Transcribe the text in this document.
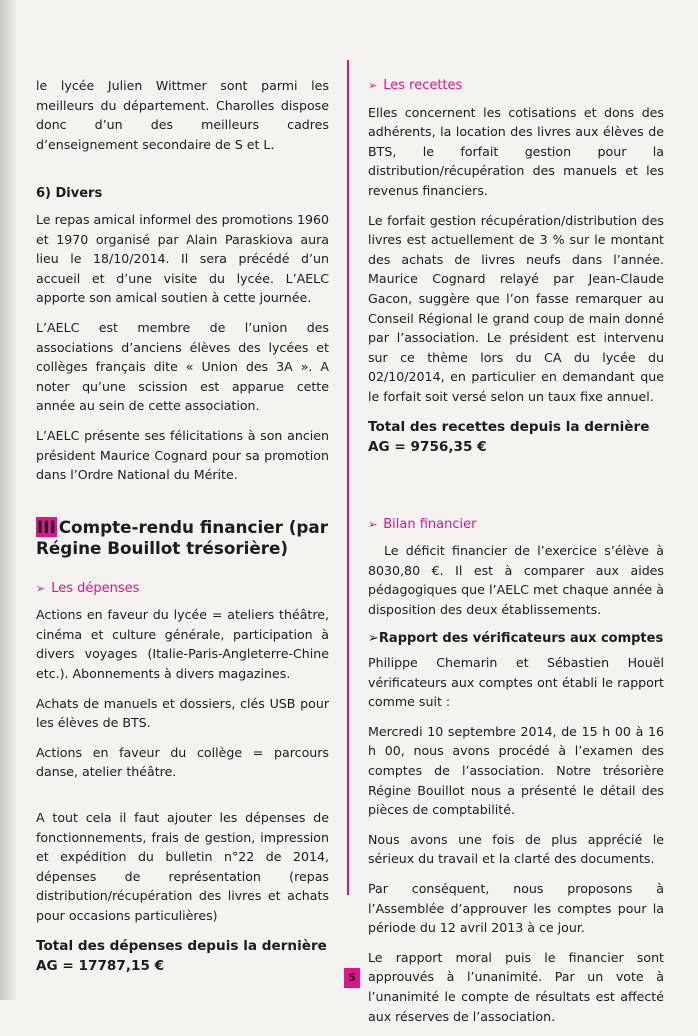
le lycée Julien Wittmer sont parmi les meilleurs du département. Charolles dispose donc d’un des meilleurs cadres d’enseignement secondaire de S et L.

6) Divers

Le repas amical informel des promotions 1960 et 1970 organisé par Alain Paraskiova aura lieu le 18/10/2014. Il sera précédé d’un accueil et d’une visite du lycée. L’AELC apporte son amical soutien à cette journée.

L’AELC est membre de l’union des associations d’anciens élèves des lycées et collèges français dite « Union des 3A ». A noter qu’une scission est apparue cette année au sein de cette association.

L’AELC présente ses félicitations à son ancien président Maurice Cognard pour sa promotion dans l’Ordre National du Mérite.

III Compte-rendu financier (par Régine Bouillot trésorière)
➢ Les dépenses

Actions en faveur du lycée = ateliers théâtre, cinéma et culture générale, participation à divers voyages (Italie-Paris-Angleterre-Chine etc.). Abonnements à divers magazines.

Achats de manuels et dossiers, clés USB pour les élèves de BTS.

Actions en faveur du collège = parcours danse, atelier théâtre.

A tout cela il faut ajouter les dépenses de fonctionnements, frais de gestion, impression et expédition du bulletin n°22 de 2014, dépenses de représentation (repas distribution/récupération des livres et achats pour occasions particulières)

Total des dépenses depuis la dernière AG = 17787,15 €
➢ Les recettes

Elles concernent les cotisations et dons des adhérents, la location des livres aux élèves de BTS, le forfait gestion pour la distribution/récupération des manuels et les revenus financiers.

Le forfait gestion récupération/distribution des livres est actuellement de 3 % sur le montant des achats de livres neufs dans l’année. Maurice Cognard relayé par Jean-Claude Gacon, suggère que l’on fasse remarquer au Conseil Régional le grand coup de main donné par l’association. Le président est intervenu sur ce thème lors du CA du lycée du 02/10/2014, en particulier en demandant que le forfait soit versé selon un taux fixe annuel.

Total des recettes depuis la dernière AG = 9756,35 €
➢ Bilan financier

Le déficit financier de l’exercice s’élève à 8030,80 €. Il est à comparer aux aides pédagogiques que l’AELC met chaque année à disposition des deux établissements.

➢Rapport des vérificateurs aux comptes

Philippe Chemarin et Sébastien Houël vérificateurs aux comptes ont établi le rapport comme suit :

Mercredi 10 septembre 2014, de 15 h 00 à 16 h 00, nous avons procédé à l’examen des comptes de l’association. Notre trésorière Régine Bouillot nous a présenté le détail des pièces de comptabilité.

Nous avons une fois de plus apprécié le sérieux du travail et la clarté des documents.

Par conséquent, nous proposons à l’Assemblée d’approuver les comptes pour la période du 12 avril 2013 à ce jour.

Le rapport moral puis le financier sont approuvés à l’unanimité. Par un vote à l’unanimité le compte de résultats est affecté aux réserves de l’association.

5
